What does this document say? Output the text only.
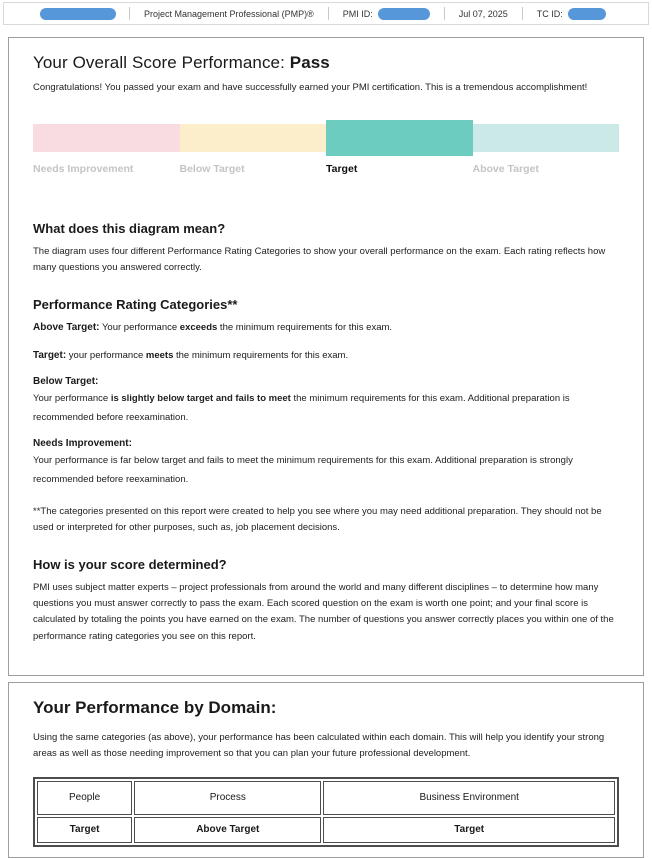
Project Management Professional (PMP)®	PMI ID:	Jul 07, 2025	TC ID:
Your Overall Score Performance: Pass

Congratulations! You passed your exam and have successfully earned your PMI certification. This is a tremendous accomplishment!

Needs Improvement	Below Target	Target	Above Target
What does this diagram mean?

The diagram uses four different Performance Rating Categories to show your overall performance on the exam. Each rating reflects how many questions you answered correctly.

Performance Rating Categories**

Above Target: Your performance exceeds the minimum requirements for this exam.

Target: your performance meets the minimum requirements for this exam.

Below Target:
Your performance is slightly below target and fails to meet the minimum requirements for this exam. Additional preparation is recommended before reexamination.
Needs Improvement:
Your performance is far below target and fails to meet the minimum requirements for this exam. Additional preparation is strongly recommended before reexamination.

**The categories presented on this report were created to help you see where you may need additional preparation. They should not be used or interpreted for other purposes, such as, job placement decisions.

How is your score determined?

PMI uses subject matter experts – project professionals from around the world and many different disciplines – to determine how many questions you must answer correctly to pass the exam. Each scored question on the exam is worth one point; and your final score is calculated by totaling the points you have earned on the exam. The number of questions you answer correctly places you within one of the performance rating categories you see on this report.

Your Performance by Domain:

Using the same categories (as above), your performance has been calculated within each domain. This will help you identify your strong areas as well as those needing improvement so that you can plan your future professional development.

People	Process	Business Environment
Target	Above Target	Target
